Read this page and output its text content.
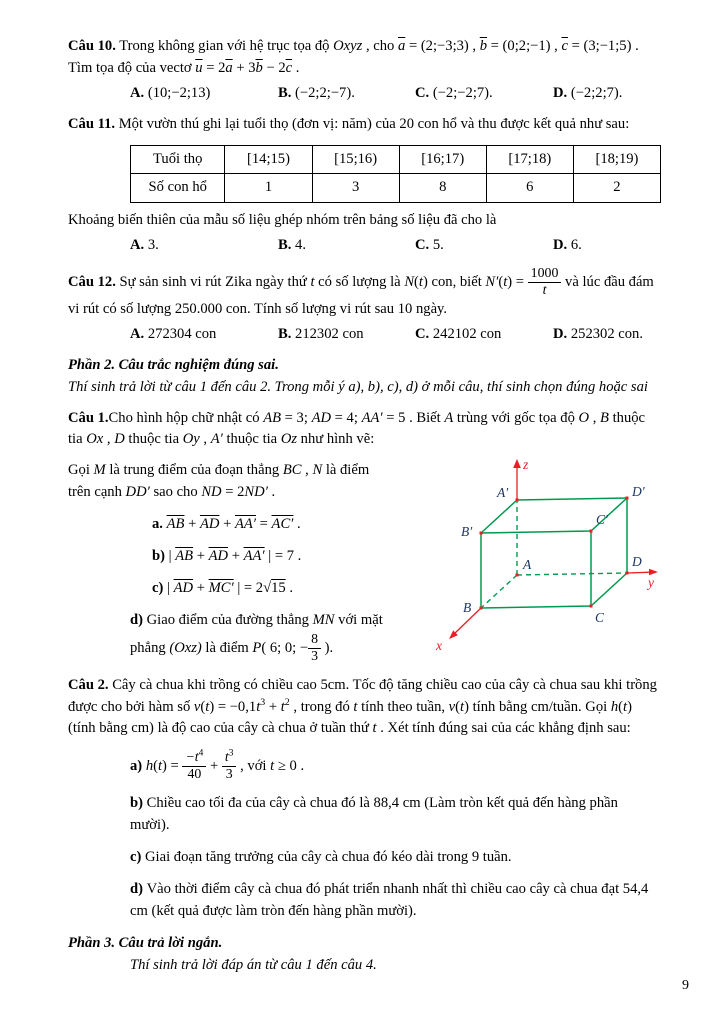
Câu 10. Trong không gian với hệ trục tọa độ Oxyz , cho $\overline{a}$ = (2;−3;3) , $\overline{b}$ = (0;2;−1) , $\overline{c}$ = (3;−1;5) . Tìm tọa độ của vectơ $\overline{u} = 2\overline{a} + 3\overline{b} - 2\overline{c}$ .

A. (10;−2;13)	B. (−2;2;−7).	C. (−2;−2;7).	D. (−2;2;7).

Câu 11. Một vườn thú ghi lại tuổi thọ (đơn vị: năm) của 20 con hổ và thu được kết quả như sau:

Tuổi thọ	[14;15)	[15;16)	[16;17)	[17;18)	[18;19)
Số con hổ	1	3	8	6	2

Khoảng biến thiên của mẫu số liệu ghép nhóm trên bảng số liệu đã cho là

A. 3.	B. 4.	C. 5.	D. 6.

Câu 12. Sự sản sinh vi rút Zika ngày thứ t có số lượng là N(t) con, biết $N'(t) = \frac{1000}{t}$ và lúc đầu đám vi rút có số lượng 250.000 con. Tính số lượng vi rút sau 10 ngày.

A. 272304 con	B. 212302 con	C. 242102 con	D. 252302 con.

Phần 2. Câu trắc nghiệm đúng sai.

Thí sinh trả lời từ câu 1 đến câu 2. Trong mỗi ý a), b), c), d) ở mỗi câu, thí sinh chọn đúng hoặc sai

Câu 1.Cho hình hộp chữ nhật có AB = 3; AD = 4; AA′ = 5 . Biết A trùng với gốc tọa độ O , B thuộc tia Ox , D thuộc tia Oy , A′ thuộc tia Oz như hình vẽ:

A′	D′
B′
C′
A	D
B
C
z
y
x

Gọi M là trung điểm của đoạn thẳng BC , N là điểm trên cạnh DD′ sao cho ND = 2ND′ .

a. $\overline{AB} + \overline{AD} + AA' = AC'$ .

b) | $\overline{AB} + \overline{AD} + AA'$ | = 7 .

c) | $\overline{AD} + MC'$ | = 2√15 .

d) Giao điểm của đường thẳng MN với mặt phẳng (Oxz) là điểm P( 6; 0; − $\frac{8}{3}$ ).

Câu 2. Cây cà chua khi trồng có chiều cao 5cm. Tốc độ tăng chiều cao của cây cà chua sau khi trồng được cho bởi hàm số $v(t) = -0,1t^3 + t^2$ , trong đó t tính theo tuần, v(t) tính bằng cm/tuần. Gọi h(t) (tính bằng cm) là độ cao của cây cà chua ở tuần thứ t . Xét tính đúng sai của các khẳng định sau:

a) $h(t) = \frac{-t^4}{40} + \frac{t^3}{3}$ , với t ≥ 0 .

b) Chiều cao tối đa của cây cà chua đó là 88,4 cm (Làm tròn kết quả đến hàng phần mười).

c) Giai đoạn tăng trưởng của cây cà chua đó kéo dài trong 9 tuần.

d) Vào thời điểm cây cà chua đó phát triển nhanh nhất thì chiều cao cây cà chua đạt 54,4 cm (kết quả được làm tròn đến hàng phần mười).

Phần 3. Câu trả lời ngắn.

Thí sinh trả lời đáp án từ câu 1 đến câu 4.

9
